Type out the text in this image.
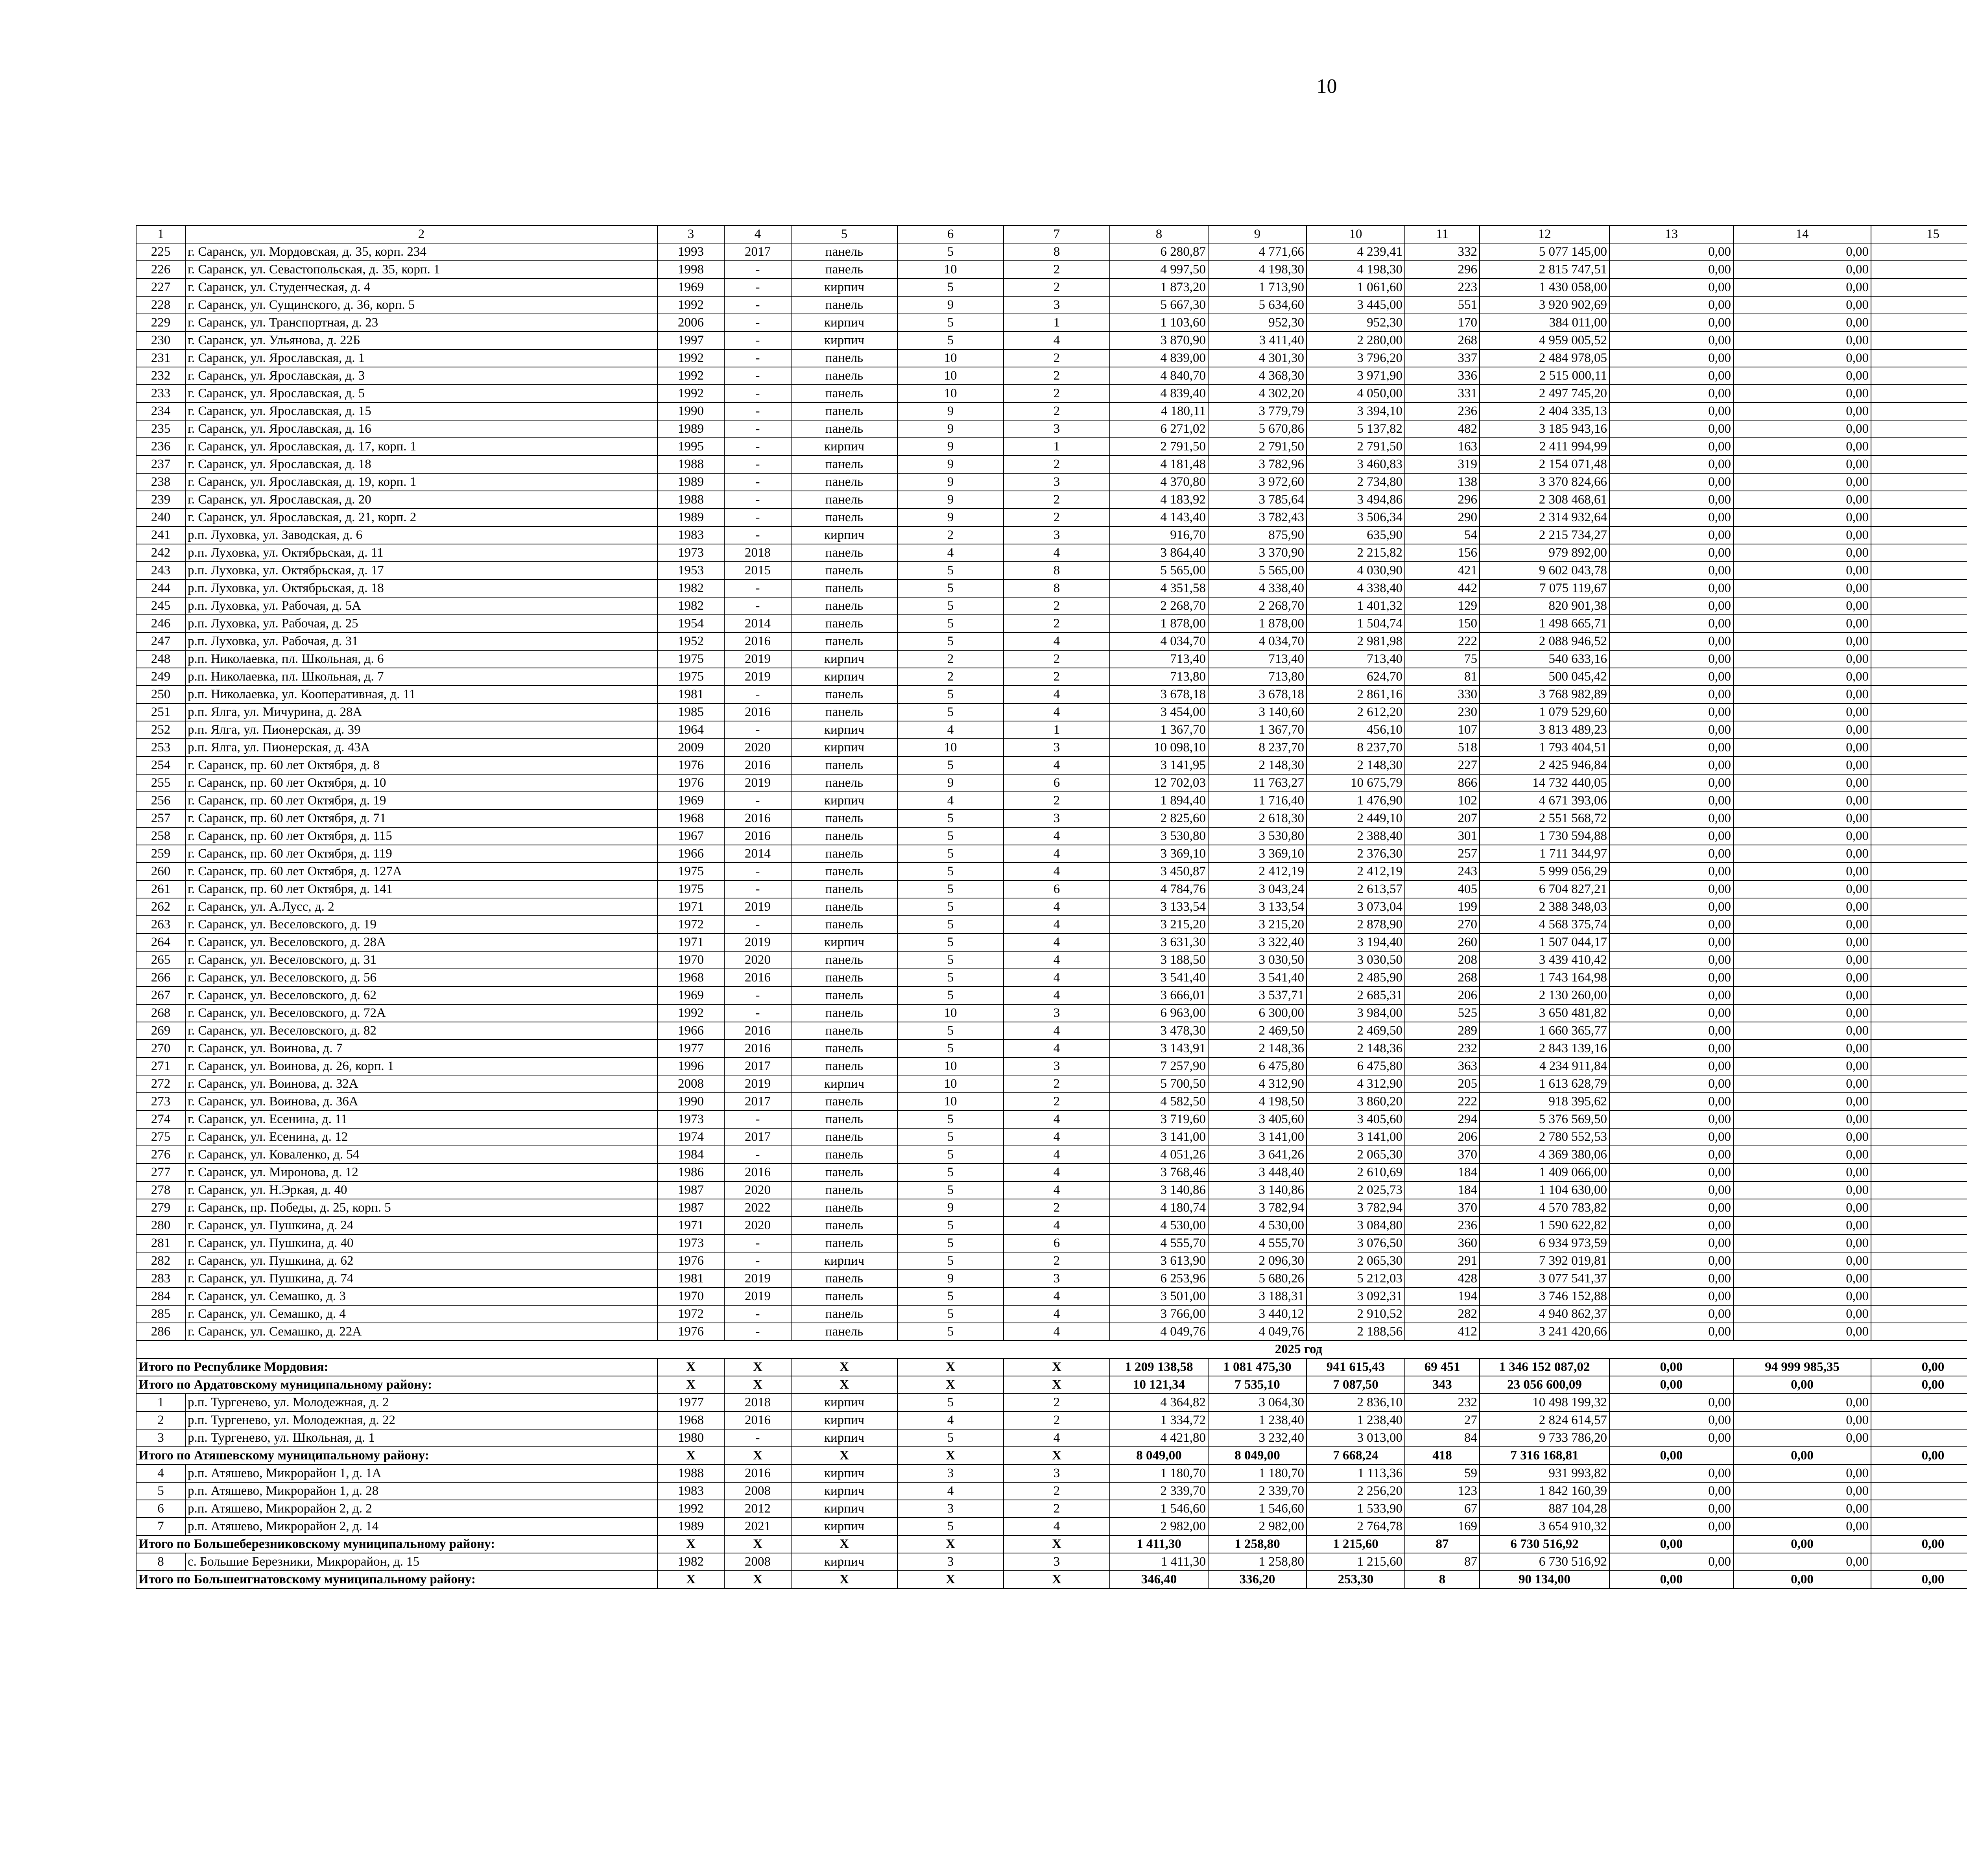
10
1	2	3	4	5	6	7	8	9	10	11	12	13	14	15				
225	г. Саранск, ул. Мордовская, д. 35, корп. 234	1993	2017	панель	5	8	6 280,87	4 771,66	4 239,41	332	5 077 145,00	0,00	0,00					
226	г. Саранск, ул. Севастопольская, д. 35, корп. 1	1998	-	панель	10	2	4 997,50	4 198,30	4 198,30	296	2 815 747,51	0,00	0,00					
227	г. Саранск, ул. Студенческая, д. 4	1969	-	кирпич	5	2	1 873,20	1 713,90	1 061,60	223	1 430 058,00	0,00	0,00					
228	г. Саранск, ул. Сущинского, д. 36, корп. 5	1992	-	панель	9	3	5 667,30	5 634,60	3 445,00	551	3 920 902,69	0,00	0,00					
229	г. Саранск, ул. Транспортная, д. 23	2006	-	кирпич	5	1	1 103,60	952,30	952,30	170	384 011,00	0,00	0,00					
230	г. Саранск, ул. Ульянова, д. 22Б	1997	-	кирпич	5	4	3 870,90	3 411,40	2 280,00	268	4 959 005,52	0,00	0,00					
231	г. Саранск, ул. Ярославская, д. 1	1992	-	панель	10	2	4 839,00	4 301,30	3 796,20	337	2 484 978,05	0,00	0,00					
232	г. Саранск, ул. Ярославская, д. 3	1992	-	панель	10	2	4 840,70	4 368,30	3 971,90	336	2 515 000,11	0,00	0,00					
233	г. Саранск, ул. Ярославская, д. 5	1992	-	панель	10	2	4 839,40	4 302,20	4 050,00	331	2 497 745,20	0,00	0,00					
234	г. Саранск, ул. Ярославская, д. 15	1990	-	панель	9	2	4 180,11	3 779,79	3 394,10	236	2 404 335,13	0,00	0,00					
235	г. Саранск, ул. Ярославская, д. 16	1989	-	панель	9	3	6 271,02	5 670,86	5 137,82	482	3 185 943,16	0,00	0,00					
236	г. Саранск, ул. Ярославская, д. 17, корп. 1	1995	-	кирпич	9	1	2 791,50	2 791,50	2 791,50	163	2 411 994,99	0,00	0,00					
237	г. Саранск, ул. Ярославская, д. 18	1988	-	панель	9	2	4 181,48	3 782,96	3 460,83	319	2 154 071,48	0,00	0,00					
238	г. Саранск, ул. Ярославская, д. 19, корп. 1	1989	-	панель	9	3	4 370,80	3 972,60	2 734,80	138	3 370 824,66	0,00	0,00					
239	г. Саранск, ул. Ярославская, д. 20	1988	-	панель	9	2	4 183,92	3 785,64	3 494,86	296	2 308 468,61	0,00	0,00					
240	г. Саранск, ул. Ярославская, д. 21, корп. 2	1989	-	панель	9	2	4 143,40	3 782,43	3 506,34	290	2 314 932,64	0,00	0,00					
241	р.п. Луховка, ул. Заводская, д. 6	1983	-	кирпич	2	3	916,70	875,90	635,90	54	2 215 734,27	0,00	0,00					
242	р.п. Луховка, ул. Октябрьская, д. 11	1973	2018	панель	4	4	3 864,40	3 370,90	2 215,82	156	979 892,00	0,00	0,00					
243	р.п. Луховка, ул. Октябрьская, д. 17	1953	2015	панель	5	8	5 565,00	5 565,00	4 030,90	421	9 602 043,78	0,00	0,00					
244	р.п. Луховка, ул. Октябрьская, д. 18	1982	-	панель	5	8	4 351,58	4 338,40	4 338,40	442	7 075 119,67	0,00	0,00					
245	р.п. Луховка, ул. Рабочая, д. 5А	1982	-	панель	5	2	2 268,70	2 268,70	1 401,32	129	820 901,38	0,00	0,00					
246	р.п. Луховка, ул. Рабочая, д. 25	1954	2014	панель	5	2	1 878,00	1 878,00	1 504,74	150	1 498 665,71	0,00	0,00					
247	р.п. Луховка, ул. Рабочая, д. 31	1952	2016	панель	5	4	4 034,70	4 034,70	2 981,98	222	2 088 946,52	0,00	0,00					
248	р.п. Николаевка, пл. Школьная, д. 6	1975	2019	кирпич	2	2	713,40	713,40	713,40	75	540 633,16	0,00	0,00					
249	р.п. Николаевка, пл. Школьная, д. 7	1975	2019	кирпич	2	2	713,80	713,80	624,70	81	500 045,42	0,00	0,00					
250	р.п. Николаевка, ул. Кооперативная, д. 11	1981	-	панель	5	4	3 678,18	3 678,18	2 861,16	330	3 768 982,89	0,00	0,00					
251	р.п. Ялга, ул. Мичурина, д. 28А	1985	2016	панель	5	4	3 454,00	3 140,60	2 612,20	230	1 079 529,60	0,00	0,00					
252	р.п. Ялга, ул. Пионерская, д. 39	1964	-	кирпич	4	1	1 367,70	1 367,70	456,10	107	3 813 489,23	0,00	0,00					
253	р.п. Ялга, ул. Пионерская, д. 43А	2009	2020	кирпич	10	3	10 098,10	8 237,70	8 237,70	518	1 793 404,51	0,00	0,00					
254	г. Саранск, пр. 60 лет Октября, д. 8	1976	2016	панель	5	4	3 141,95	2 148,30	2 148,30	227	2 425 946,84	0,00	0,00					
255	г. Саранск, пр. 60 лет Октября, д. 10	1976	2019	панель	9	6	12 702,03	11 763,27	10 675,79	866	14 732 440,05	0,00	0,00					
256	г. Саранск, пр. 60 лет Октября, д. 19	1969	-	кирпич	4	2	1 894,40	1 716,40	1 476,90	102	4 671 393,06	0,00	0,00					
257	г. Саранск, пр. 60 лет Октября, д. 71	1968	2016	панель	5	3	2 825,60	2 618,30	2 449,10	207	2 551 568,72	0,00	0,00					
258	г. Саранск, пр. 60 лет Октября, д. 115	1967	2016	панель	5	4	3 530,80	3 530,80	2 388,40	301	1 730 594,88	0,00	0,00					
259	г. Саранск, пр. 60 лет Октября, д. 119	1966	2014	панель	5	4	3 369,10	3 369,10	2 376,30	257	1 711 344,97	0,00	0,00					
260	г. Саранск, пр. 60 лет Октября, д. 127А	1975	-	панель	5	4	3 450,87	2 412,19	2 412,19	243	5 999 056,29	0,00	0,00					
261	г. Саранск, пр. 60 лет Октября, д. 141	1975	-	панель	5	6	4 784,76	3 043,24	2 613,57	405	6 704 827,21	0,00	0,00					
262	г. Саранск, ул. А.Лусс, д. 2	1971	2019	панель	5	4	3 133,54	3 133,54	3 073,04	199	2 388 348,03	0,00	0,00					
263	г. Саранск, ул. Веселовского, д. 19	1972	-	панель	5	4	3 215,20	3 215,20	2 878,90	270	4 568 375,74	0,00	0,00					
264	г. Саранск, ул. Веселовского, д. 28А	1971	2019	кирпич	5	4	3 631,30	3 322,40	3 194,40	260	1 507 044,17	0,00	0,00					
265	г. Саранск, ул. Веселовского, д. 31	1970	2020	панель	5	4	3 188,50	3 030,50	3 030,50	208	3 439 410,42	0,00	0,00					
266	г. Саранск, ул. Веселовского, д. 56	1968	2016	панель	5	4	3 541,40	3 541,40	2 485,90	268	1 743 164,98	0,00	0,00					
267	г. Саранск, ул. Веселовского, д. 62	1969	-	панель	5	4	3 666,01	3 537,71	2 685,31	206	2 130 260,00	0,00	0,00					
268	г. Саранск, ул. Веселовского, д. 72А	1992	-	панель	10	3	6 963,00	6 300,00	3 984,00	525	3 650 481,82	0,00	0,00					
269	г. Саранск, ул. Веселовского, д. 82	1966	2016	панель	5	4	3 478,30	2 469,50	2 469,50	289	1 660 365,77	0,00	0,00					
270	г. Саранск, ул. Воинова, д. 7	1977	2016	панель	5	4	3 143,91	2 148,36	2 148,36	232	2 843 139,16	0,00	0,00					
271	г. Саранск, ул. Воинова, д. 26, корп. 1	1996	2017	панель	10	3	7 257,90	6 475,80	6 475,80	363	4 234 911,84	0,00	0,00					
272	г. Саранск, ул. Воинова, д. 32А	2008	2019	кирпич	10	2	5 700,50	4 312,90	4 312,90	205	1 613 628,79	0,00	0,00					
273	г. Саранск, ул. Воинова, д. 36А	1990	2017	панель	10	2	4 582,50	4 198,50	3 860,20	222	918 395,62	0,00	0,00					
274	г. Саранск, ул. Есенина, д. 11	1973	-	панель	5	4	3 719,60	3 405,60	3 405,60	294	5 376 569,50	0,00	0,00					
275	г. Саранск, ул. Есенина, д. 12	1974	2017	панель	5	4	3 141,00	3 141,00	3 141,00	206	2 780 552,53	0,00	0,00					
276	г. Саранск, ул. Коваленко, д. 54	1984	-	панель	5	4	4 051,26	3 641,26	2 065,30	370	4 369 380,06	0,00	0,00					
277	г. Саранск, ул. Миронова, д. 12	1986	2016	панель	5	4	3 768,46	3 448,40	2 610,69	184	1 409 066,00	0,00	0,00					
278	г. Саранск, ул. Н.Эркая, д. 40	1987	2020	панель	5	4	3 140,86	3 140,86	2 025,73	184	1 104 630,00	0,00	0,00					
279	г. Саранск, пр. Победы, д. 25, корп. 5	1987	2022	панель	9	2	4 180,74	3 782,94	3 782,94	370	4 570 783,82	0,00	0,00					
280	г. Саранск, ул. Пушкина, д. 24	1971	2020	панель	5	4	4 530,00	4 530,00	3 084,80	236	1 590 622,82	0,00	0,00					
281	г. Саранск, ул. Пушкина, д. 40	1973	-	панель	5	6	4 555,70	4 555,70	3 076,50	360	6 934 973,59	0,00	0,00					
282	г. Саранск, ул. Пушкина, д. 62	1976	-	кирпич	5	2	3 613,90	2 096,30	2 065,30	291	7 392 019,81	0,00	0,00					
283	г. Саранск, ул. Пушкина, д. 74	1981	2019	панель	9	3	6 253,96	5 680,26	5 212,03	428	3 077 541,37	0,00	0,00					
284	г. Саранск, ул. Семашко, д. 3	1970	2019	панель	5	4	3 501,00	3 188,31	3 092,31	194	3 746 152,88	0,00	0,00					
285	г. Саранск, ул. Семашко, д. 4	1972	-	панель	5	4	3 766,00	3 440,12	2 910,52	282	4 940 862,37	0,00	0,00					
286	г. Саранск, ул. Семашко, д. 22А	1976	-	панель	5	4	4 049,76	4 049,76	2 188,56	412	3 241 420,66	0,00	0,00					
2025 год																		
Итого по Республике Мордовия:		X	X	X	X	X	1 209 138,58	1 081 475,30	941 615,43	69 451	1 346 152 087,02	0,00	94 999 985,35	0,00				
Итого по Ардатовскому муниципальному району:		X	X	X	X	X	10 121,34	7 535,10	7 087,50	343	23 056 600,09	0,00	0,00	0,00				
1	р.п. Тургенево, ул. Молодежная, д. 2	1977	2018	кирпич	5	2	4 364,82	3 064,30	2 836,10	232	10 498 199,32	0,00	0,00					
2	р.п. Тургенево, ул. Молодежная, д. 22	1968	2016	кирпич	4	2	1 334,72	1 238,40	1 238,40	27	2 824 614,57	0,00	0,00					
3	р.п. Тургенево, ул. Школьная, д. 1	1980	-	кирпич	5	4	4 421,80	3 232,40	3 013,00	84	9 733 786,20	0,00	0,00					
Итого по Атяшевскому муниципальному району:		X	X	X	X	X	8 049,00	8 049,00	7 668,24	418	7 316 168,81	0,00	0,00	0,00				
4	р.п. Атяшево, Микрорайон 1, д. 1А	1988	2016	кирпич	3	3	1 180,70	1 180,70	1 113,36	59	931 993,82	0,00	0,00					
5	р.п. Атяшево, Микрорайон 1, д. 28	1983	2008	кирпич	4	2	2 339,70	2 339,70	2 256,20	123	1 842 160,39	0,00	0,00					
6	р.п. Атяшево, Микрорайон 2, д. 2	1992	2012	кирпич	3	2	1 546,60	1 546,60	1 533,90	67	887 104,28	0,00	0,00					
7	р.п. Атяшево, Микрорайон 2, д. 14	1989	2021	кирпич	5	4	2 982,00	2 982,00	2 764,78	169	3 654 910,32	0,00	0,00					
Итого по Большеберезниковскому муниципальному району:		X	X	X	X	X	1 411,30	1 258,80	1 215,60	87	6 730 516,92	0,00	0,00	0,00				
8	с. Большие Березники, Микрорайон, д. 15	1982	2008	кирпич	3	3	1 411,30	1 258,80	1 215,60	87	6 730 516,92	0,00	0,00					
Итого по Большеигнатовскому муниципальному району:		X	X	X	X	X	346,40	336,20	253,30	8	90 134,00	0,00	0,00	0,00				
